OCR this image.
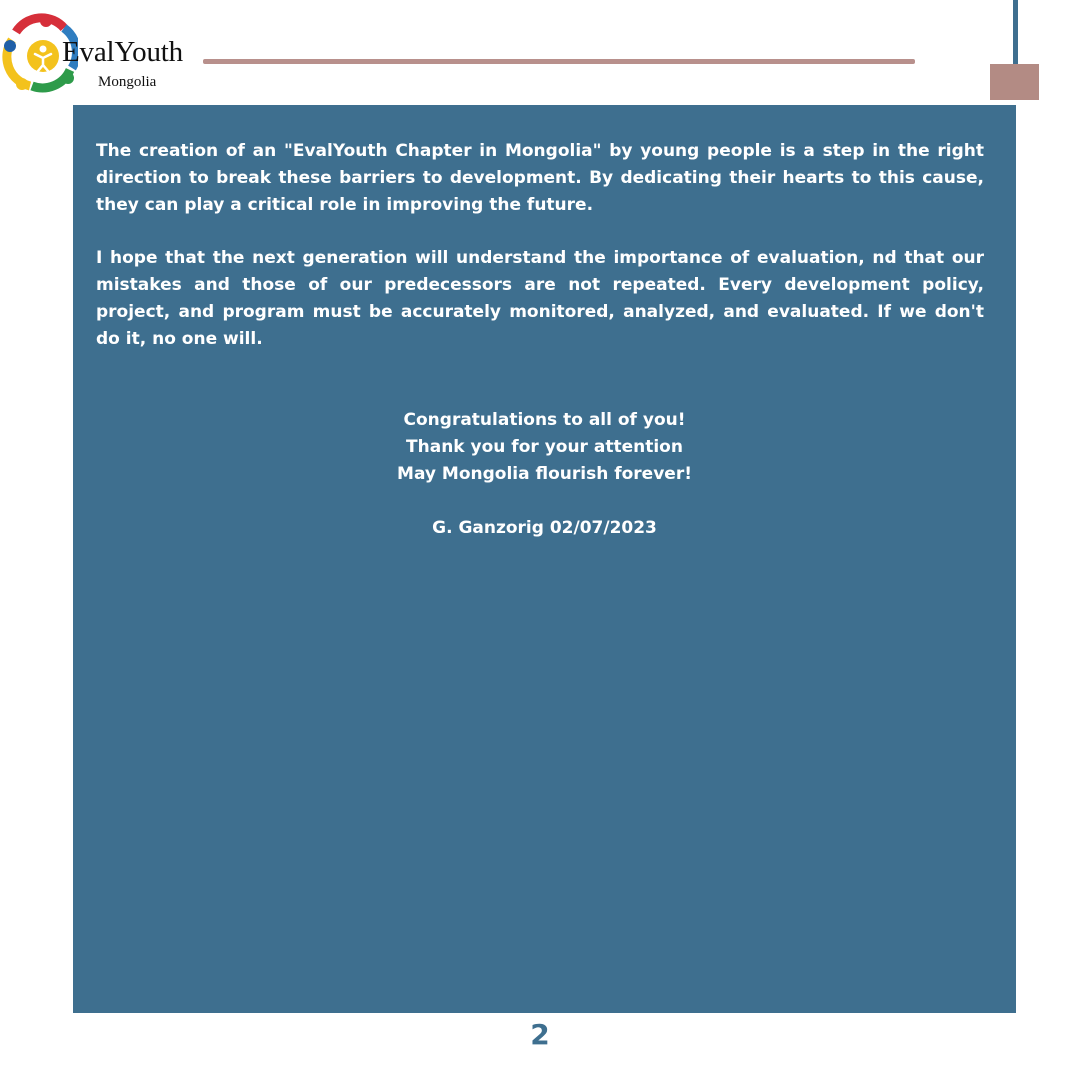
EvalYouth
Mongolia

The creation of an "EvalYouth Chapter in Mongolia" by young people is a step in the right direction to break these barriers to development. By dedicating their hearts to this cause, they can play a critical role in improving the future.

I hope that the next generation will understand the importance of evaluation, nd that our mistakes and those of our predecessors are not repeated. Every development policy, project, and program must be accurately monitored, analyzed, and evaluated. If we don't do it, no one will.

Congratulations to all of you!
Thank you for your attention
May Mongolia flourish forever!
G. Ganzorig 02/07/2023
2
